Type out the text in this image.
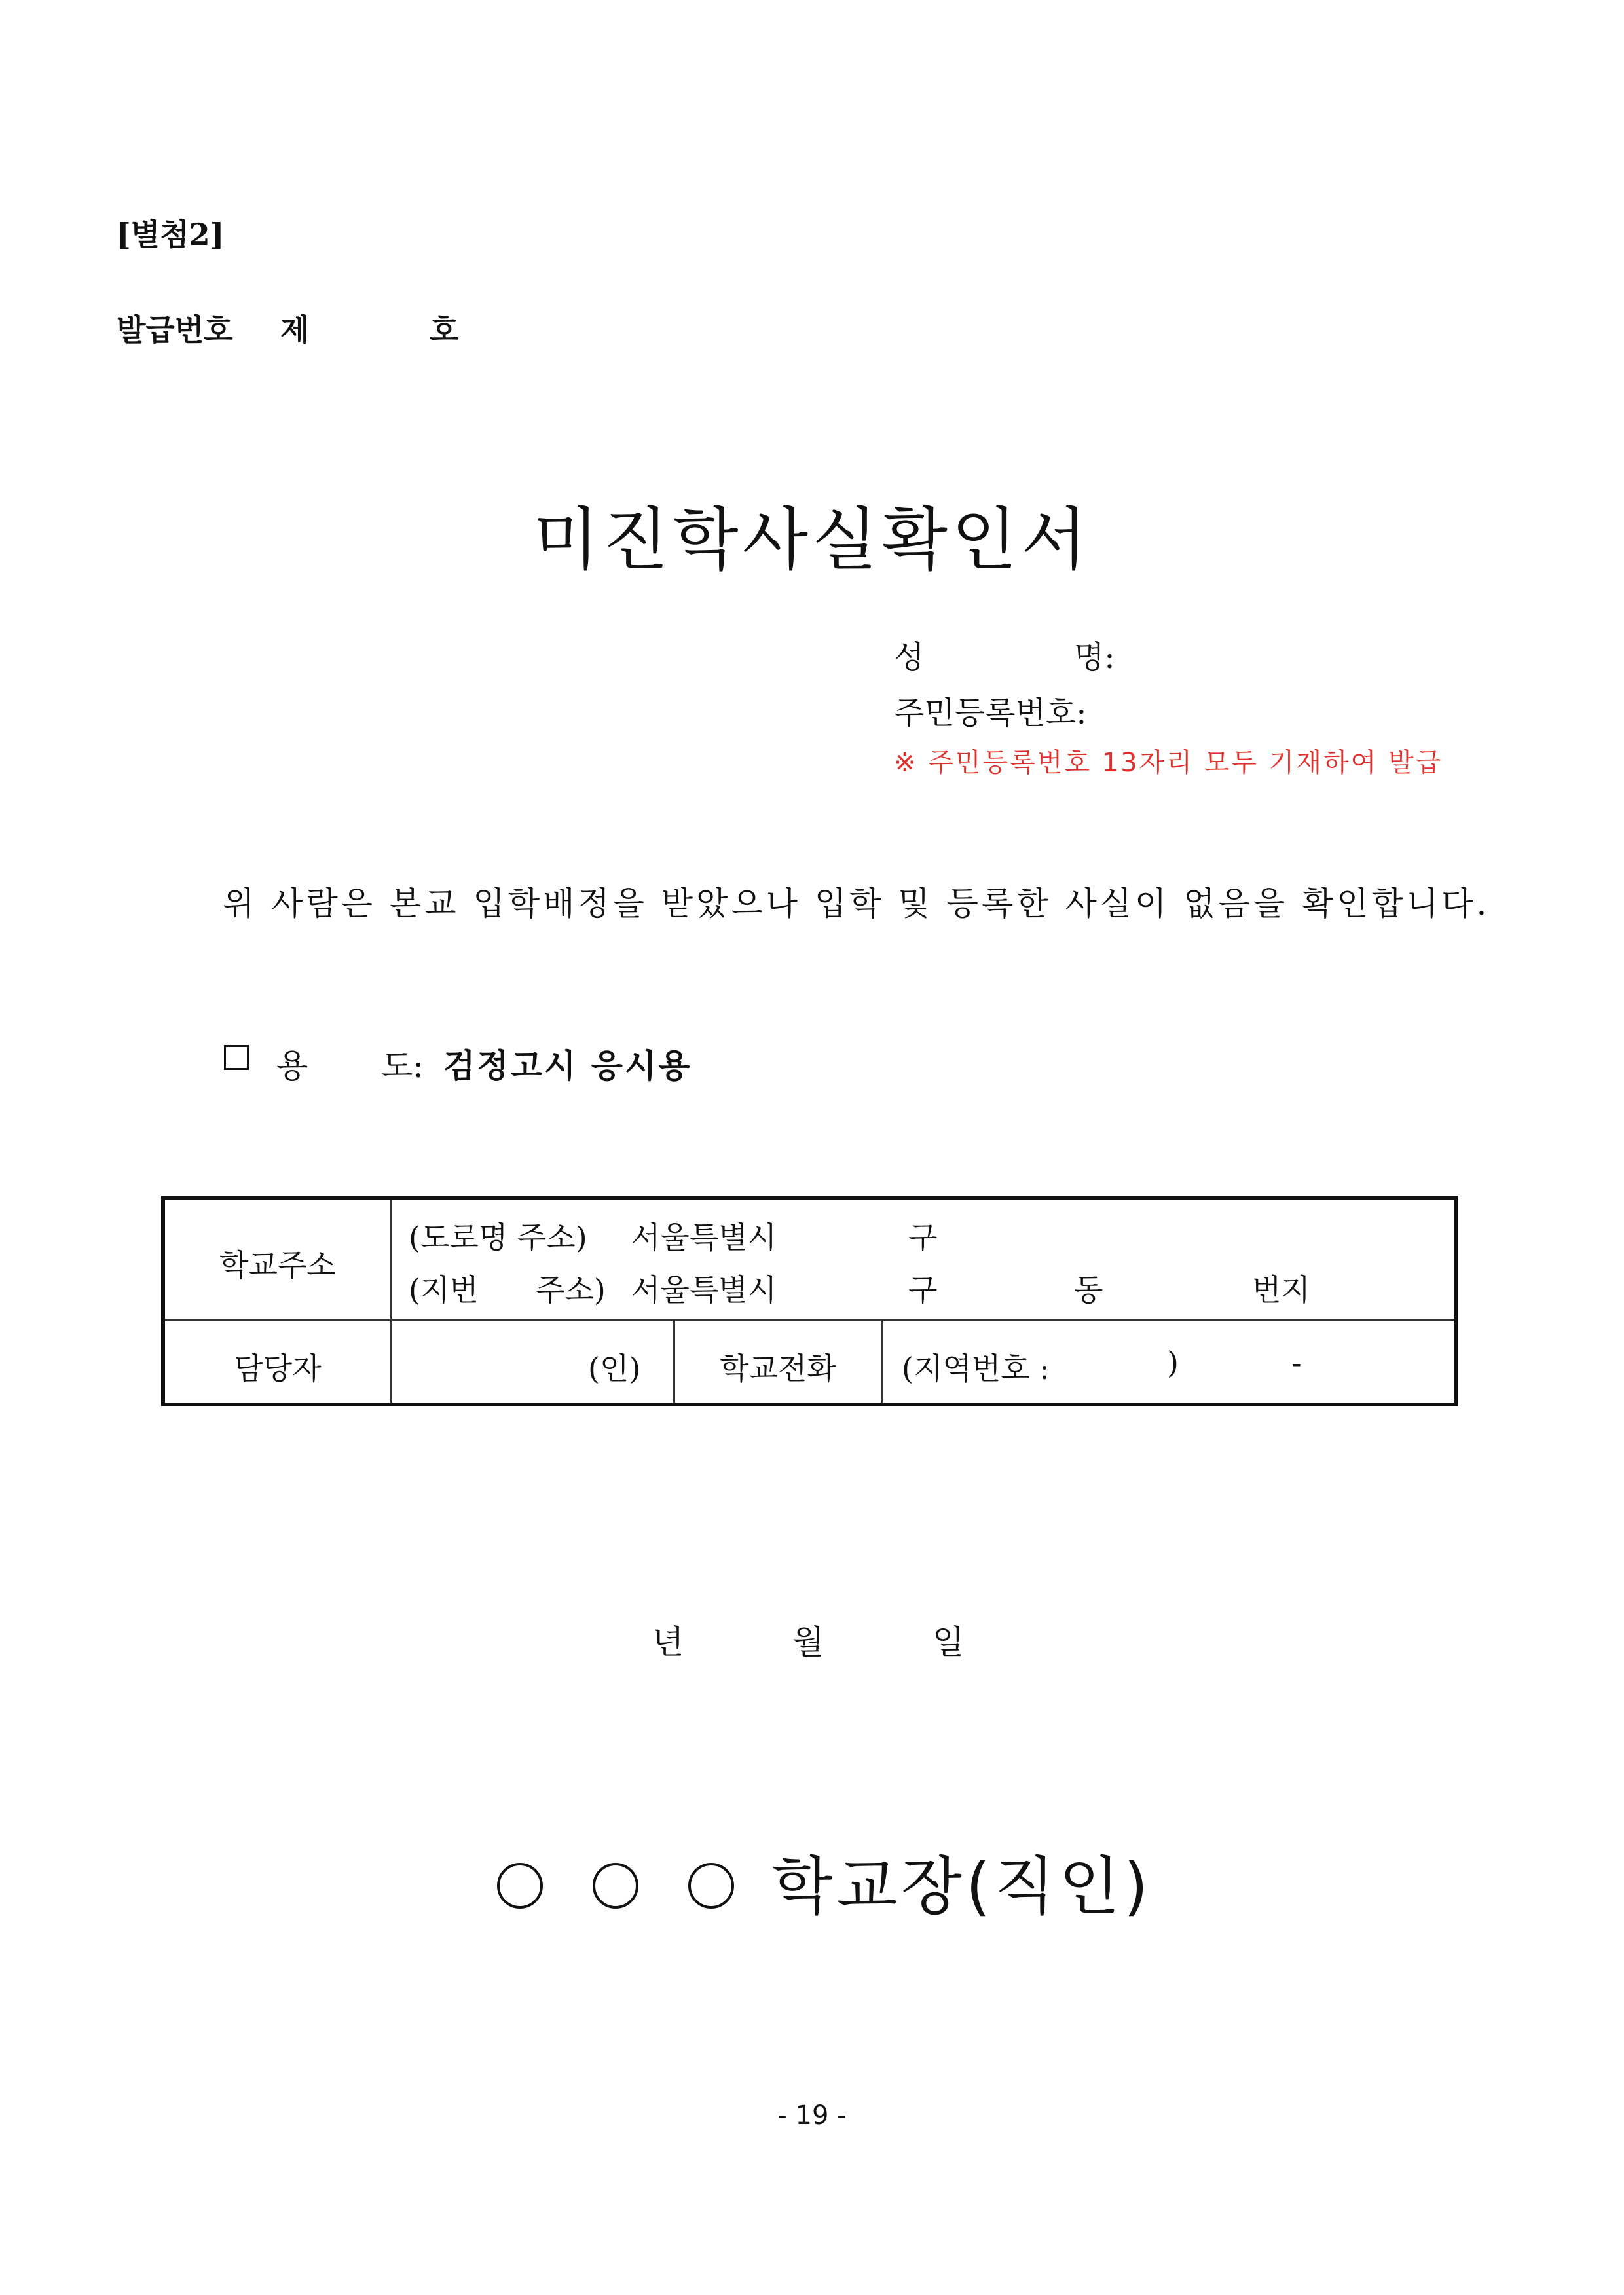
[별첨2]
발급번호 제	호
미진학사실확인서
성	명:
주민등록번호:
※ 주민등록번호 13자리 모두 기재하여 발급
위 사람은 본교 입학배정을 받았으나 입학 및 등록한 사실이 없음을 확인합니다.
용 도: 검정고시 응시용
학교주소
(도로명 주소) 서울특별시	구
(지번 주소) 서울특별시	구	동	번지
담당자	(인)	학교전화	(지역번호 :	)	-
년	월	일
학교장(직인)
- 19 -
